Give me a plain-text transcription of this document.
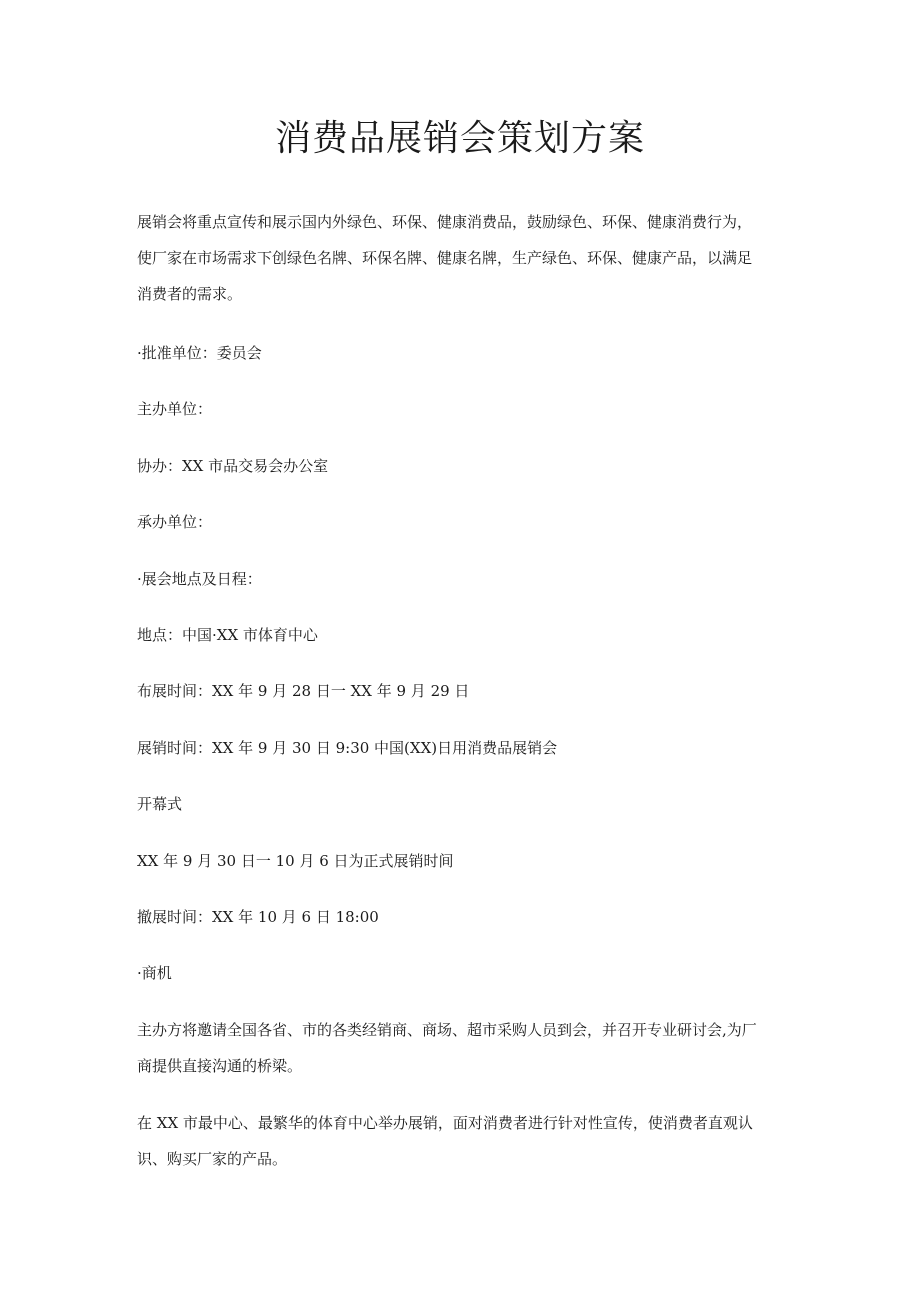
消费品展销会策划方案

展销会将重点宣传和展示国内外绿色、环保、健康消费品，鼓励绿色、环保、健康消费行为，
使厂家在市场需求下创绿色名牌、环保名牌、健康名牌，生产绿色、环保、健康产品，以满足
消费者的需求。

·批准单位：委员会

主办单位：

协办：XX 市品交易会办公室

承办单位：

·展会地点及日程：

地点：中国·XX 市体育中心

布展时间：XX 年 9 月 28 日一 XX 年 9 月 29 日

展销时间：XX 年 9 月 30 日 9:30 中国(XX)日用消费品展销会

开幕式

XX 年 9 月 30 日一 10 月 6 日为正式展销时间

撤展时间：XX 年 10 月 6 日 18:00

·商机

主办方将邀请全国各省、市的各类经销商、商场、超市采购人员到会，并召开专业研讨会,为厂
商提供直接沟通的桥梁。

在 XX 市最中心、最繁华的体育中心举办展销，面对消费者进行针对性宣传，使消费者直观认
识、购买厂家的产品。
